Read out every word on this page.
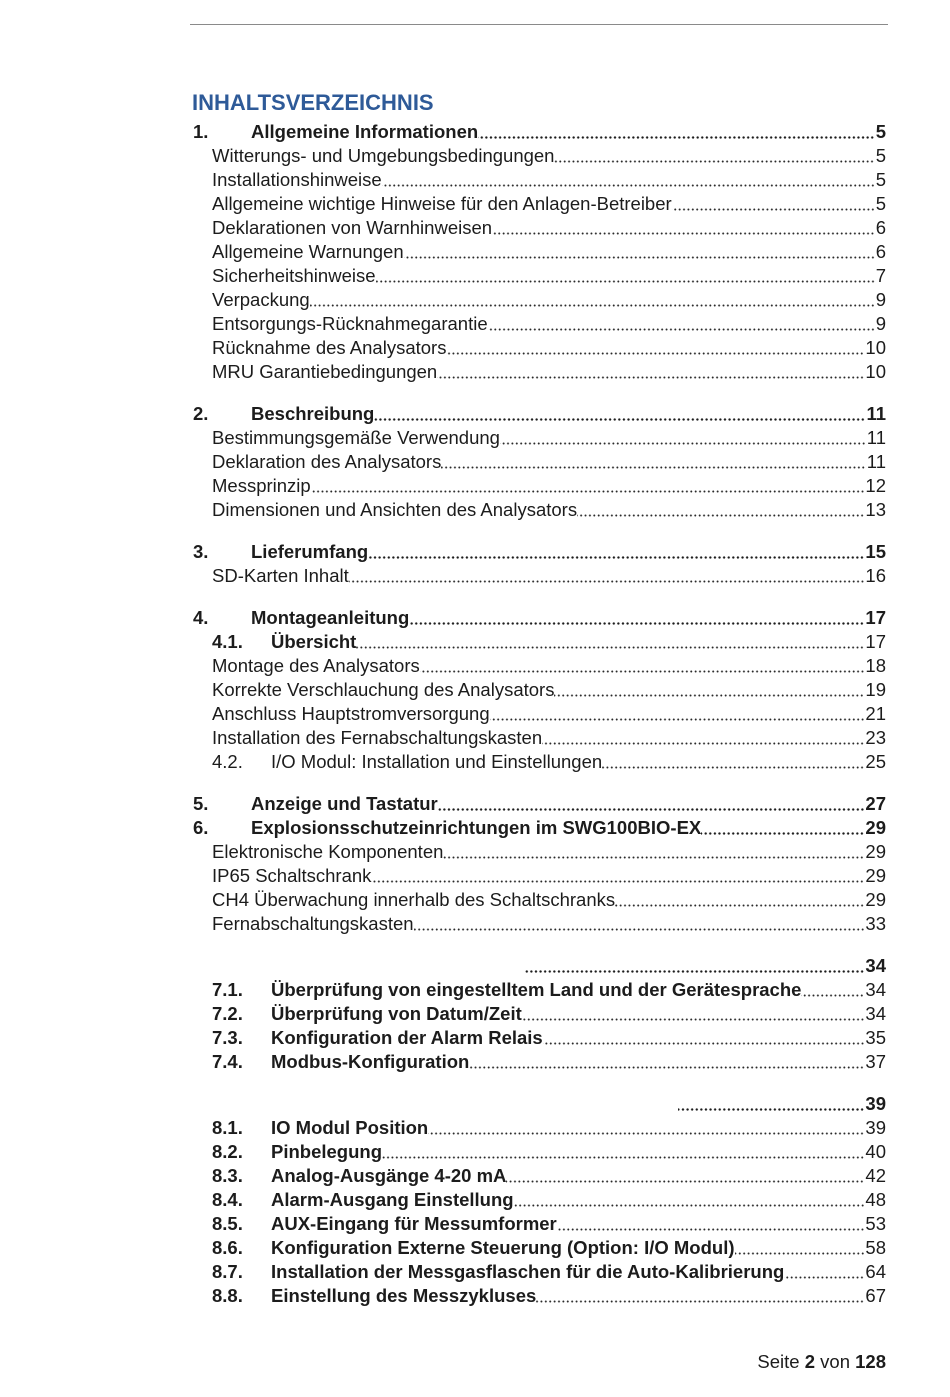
INHALTSVERZEICHNIS
1.	Allgemeine Informationen	5
Witterungs- und Umgebungsbedingungen	5
Installationshinweise	5
Allgemeine wichtige Hinweise für den Anlagen-Betreiber	5
Deklarationen von Warnhinweisen	6
Allgemeine Warnungen	6
Sicherheitshinweise	7
Verpackung	9
Entsorgungs-Rücknahmegarantie	9
Rücknahme des Analysators	10
MRU Garantiebedingungen	10
2.	Beschreibung	11
Bestimmungsgemäße Verwendung	11
Deklaration des Analysators	11
Messprinzip	12
Dimensionen und Ansichten des Analysators	13
3.	Lieferumfang	15
SD-Karten Inhalt	16
4.	Montageanleitung	17
4.1.	Übersicht	17
Montage des Analysators	18
Korrekte Verschlauchung des Analysators	19
Anschluss Hauptstromversorgung	21
Installation des Fernabschaltungskasten	23
4.2.	I/O Modul: Installation und Einstellungen	25
5.	Anzeige und Tastatur	27
6.	Explosionsschutzeinrichtungen im SWG100BIO-EX	29
Elektronische Komponenten	29
IP65 Schaltschrank	29
CH4 Überwachung innerhalb des Schaltschranks	29
Fernabschaltungskasten	33
34
7.1.	Überprüfung von eingestelltem Land und der Gerätesprache	34
7.2.	Überprüfung von Datum/Zeit	34
7.3.	Konfiguration der Alarm Relais	35
7.4.	Modbus-Konfiguration	37
39
8.1.	IO Modul Position	39
8.2.	Pinbelegung	40
8.3.	Analog-Ausgänge 4-20 mA	42
8.4.	Alarm-Ausgang Einstellung	48
8.5.	AUX-Eingang für Messumformer	53
8.6.	Konfiguration Externe Steuerung (Option: I/O Modul)	58
8.7.	Installation der Messgasflaschen für die Auto-Kalibrierung	64
8.8.	Einstellung des Messzykluses	67
Seite 2 von 128
